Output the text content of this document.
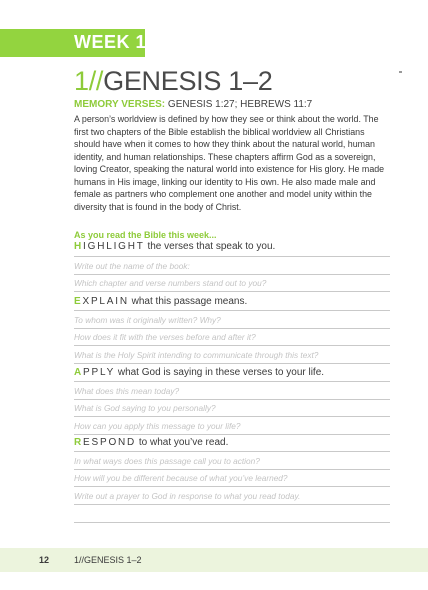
WEEK 1
1//GENESIS 1–2
MEMORY VERSES: GENESIS 1:27; HEBREWS 11:7

A person’s worldview is defined by how they see or think about the world. The first two chapters of the Bible establish the biblical worldview all Christians should have when it comes to how they think about the natural world, human identity, and human relationships. These chapters affirm God as a sovereign, loving Creator, speaking the natural world into existence for His glory. He made humans in His image, linking our identity to His own. He also made male and female as partners who complement one another and model unity within the diversity that is found in the body of Christ.

As you read the Bible this week...
HIGHLIGHT the verses that speak to you.
Write out the name of the book:
Which chapter and verse numbers stand out to you?
EXPLAIN what this passage means.
To whom was it originally written? Why?
How does it fit with the verses before and after it?
What is the Holy Spirit intending to communicate through this text?
APPLY what God is saying in these verses to your life.
What does this mean today?
What is God saying to you personally?
How can you apply this message to your life?
RESPOND to what you’ve read.
In what ways does this passage call you to action?
How will you be different because of what you’ve learned?
Write out a prayer to God in response to what you read today.
12	1//GENESIS 1–2
